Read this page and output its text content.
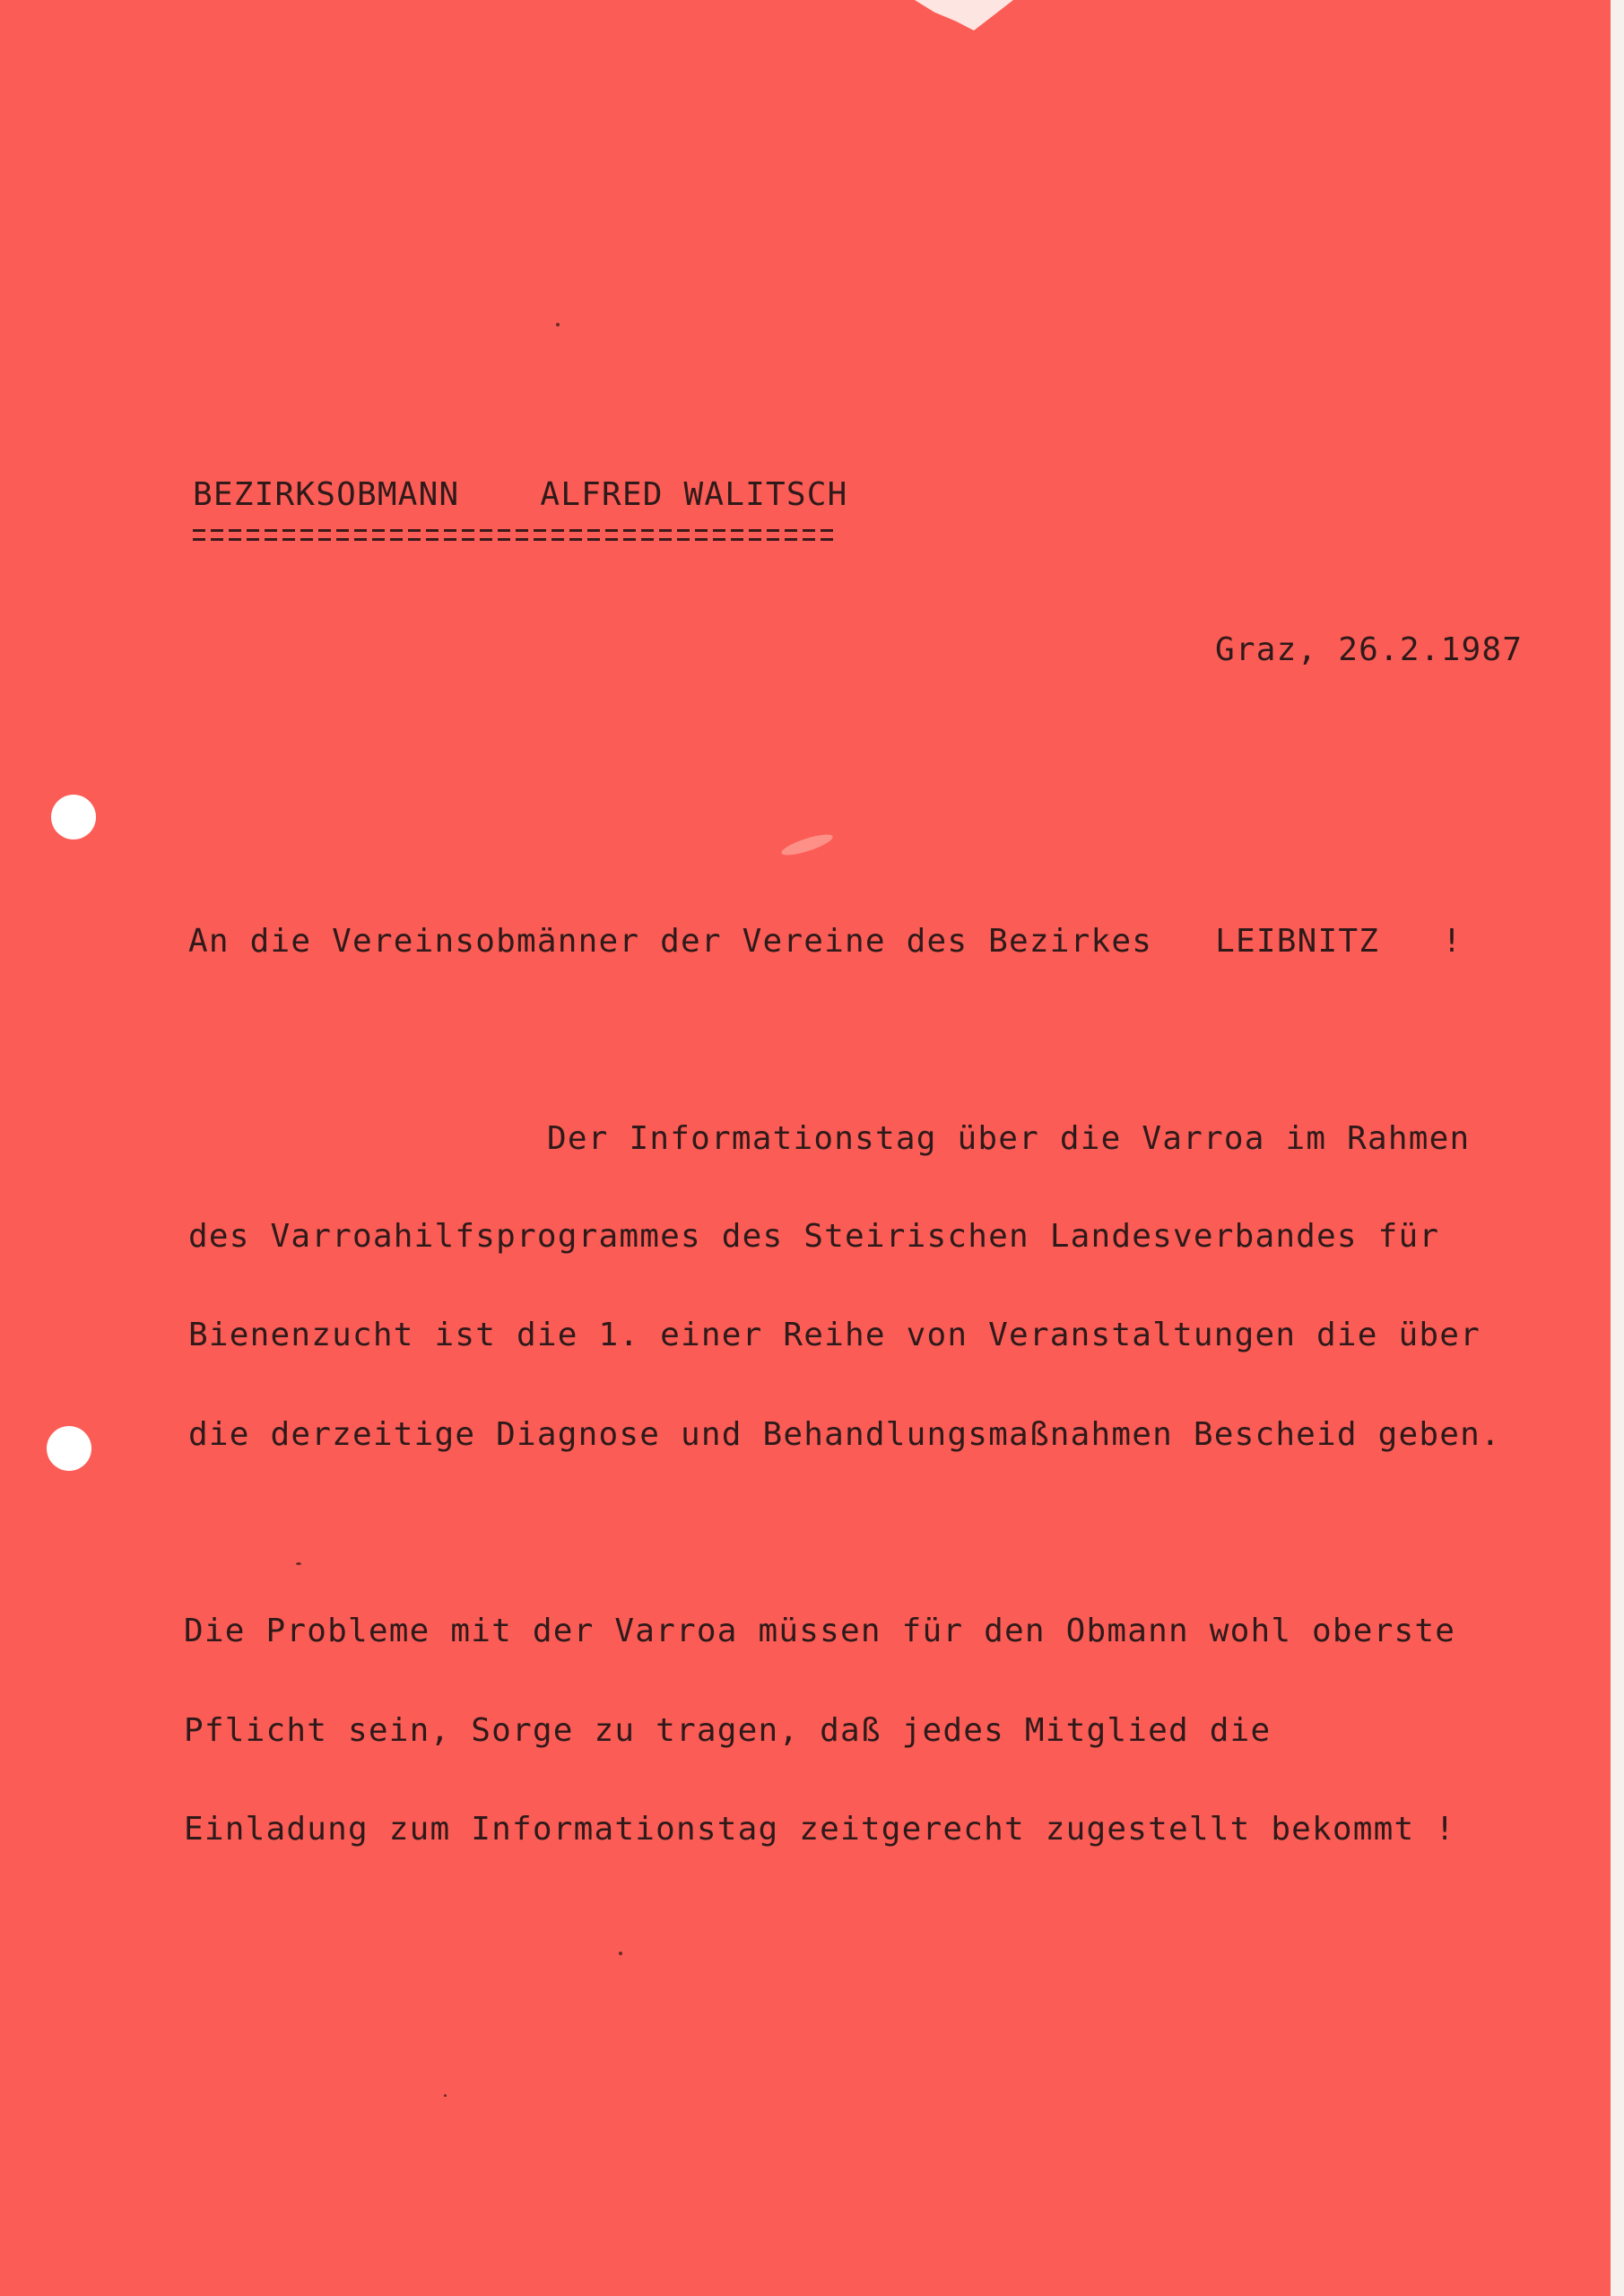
BEZIRKSOBMANN	ALFRED WALITSCH
Graz, 26.2.1987
An die Vereinsobmänner der Vereine des Bezirkes LEIBNITZ !
Der Informationstag über die Varroa im Rahmen
des Varroahilfsprogrammes des Steirischen Landesverbandes für
Bienenzucht ist die 1. einer Reihe von Veranstaltungen die über
die derzeitige Diagnose und Behandlungsmaßnahmen Bescheid geben.
Die Probleme mit der Varroa müssen für den Obmann wohl oberste
Pflicht sein, Sorge zu tragen, daß jedes Mitglied die
Einladung zum Informationstag zeitgerecht zugestellt bekommt !
